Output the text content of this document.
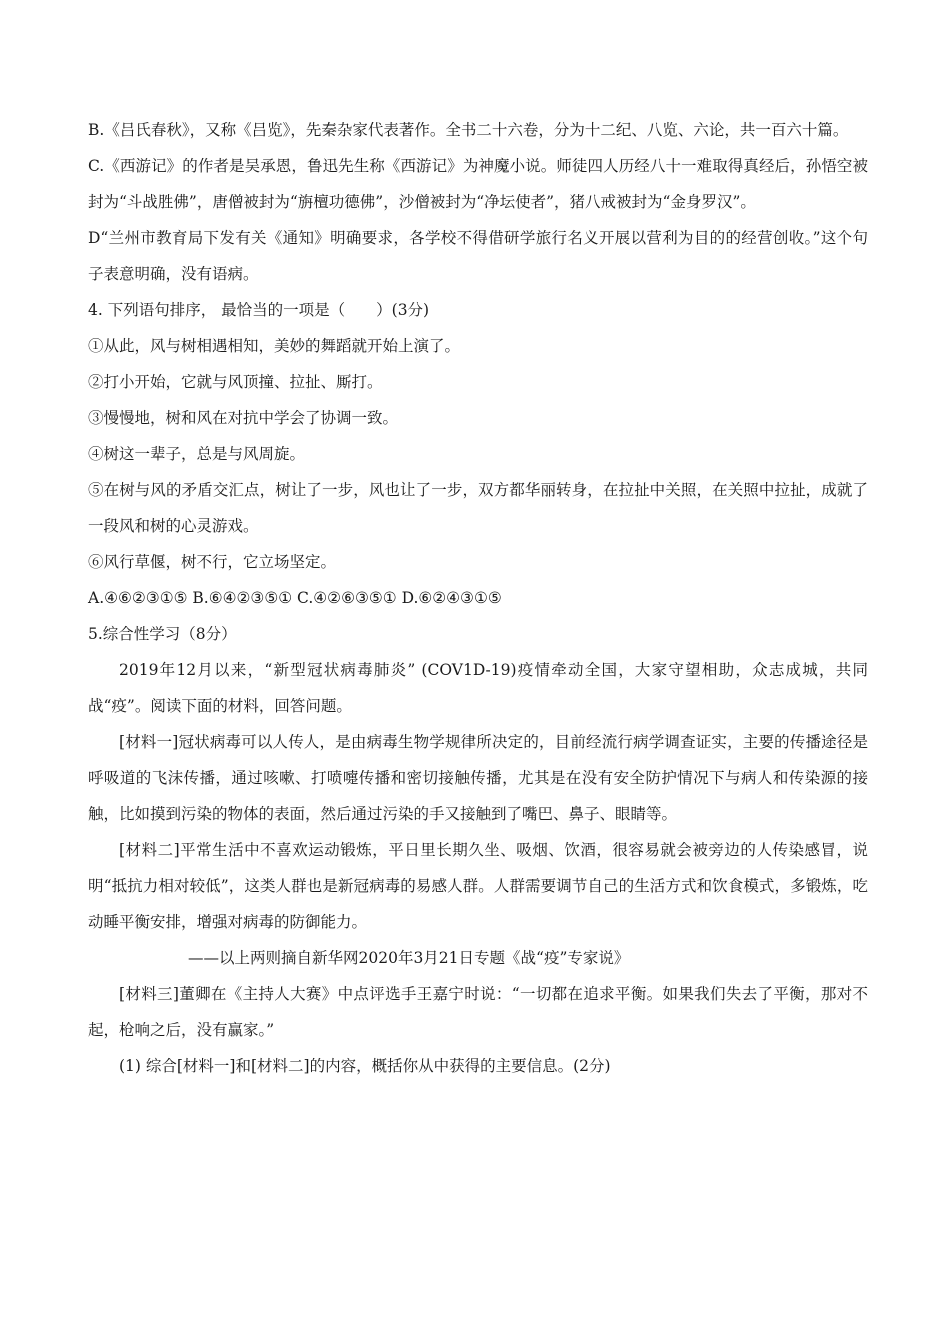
B.《吕氏春秋》，又称《吕览》，先秦杂家代表著作。全书二十六卷，分为十二纪、八览、六论，共一百六十篇。

C.《西游记》的作者是吴承恩，鲁迅先生称《西游记》为神魔小说。师徒四人历经八十一难取得真经后，孙悟空被封为“斗战胜佛”，唐僧被封为“旃檀功德佛”，沙僧被封为“净坛使者”，猪八戒被封为“金身罗汉”。

D“兰州市教育局下发有关《通知》明确要求，各学校不得借研学旅行名义开展以营利为目的的经营创收。”这个句子表意明确，没有语病。

4. 下列语句排序， 最恰当的一项是（　　）(3分)

①从此，风与树相遇相知，美妙的舞蹈就开始上演了。

②打小开始，它就与风顶撞、拉扯、厮打。

③慢慢地，树和风在对抗中学会了协调一致。

④树这一辈子，总是与风周旋。

⑤在树与风的矛盾交汇点，树让了一步，风也让了一步，双方都华丽转身，在拉扯中关照，在关照中拉扯，成就了一段风和树的心灵游戏。

⑥风行草偃，树不行，它立场坚定。

A.④⑥②③①⑤ B.⑥④②③⑤① C.④②⑥③⑤① D.⑥②④③①⑤

5.综合性学习（8分）

2019年12月以来，“新型冠状病毒肺炎” (COV1D-19)疫情牵动全国，大家守望相助，众志成城，共同战“疫”。阅读下面的材料，回答问题。

[材料一]冠状病毒可以人传人，是由病毒生物学规律所决定的，目前经流行病学调查证实，主要的传播途径是呼吸道的飞沫传播，通过咳嗽、打喷嚏传播和密切接触传播，尤其是在没有安全防护情况下与病人和传染源的接触，比如摸到污染的物体的表面，然后通过污染的手又接触到了嘴巴、鼻子、眼睛等。

[材料二]平常生活中不喜欢运动锻炼，平日里长期久坐、吸烟、饮酒，很容易就会被旁边的人传染感冒，说明“抵抗力相对较低”，这类人群也是新冠病毒的易感人群。人群需要调节自己的生活方式和饮食模式，多锻炼，吃动睡平衡安排，增强对病毒的防御能力。

——以上两则摘自新华网2020年3月21日专题《战“疫”专家说》

[材料三]董卿在《主持人大赛》中点评选手王嘉宁时说：“一切都在追求平衡。如果我们失去了平衡，那对不起，枪响之后，没有赢家。”

(1) 综合[材料一]和[材料二]的内容，概括你从中获得的主要信息。(2分)
